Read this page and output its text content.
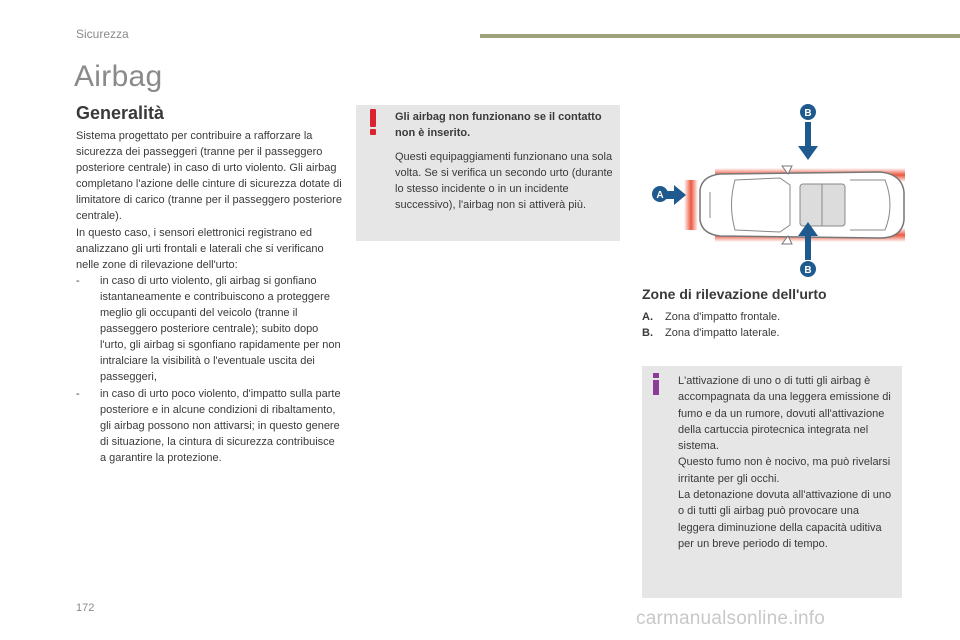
Sicurezza
Airbag
Generalità

Sistema progettato per contribuire a rafforzare la sicurezza dei passeggeri (tranne per il passeggero posteriore centrale) in caso di urto violento. Gli airbag completano l'azione delle cinture di sicurezza dotate di limitatore di carico (tranne per il passeggero posteriore centrale).

In questo caso, i sensori elettronici registrano ed analizzano gli urti frontali e laterali che si verificano nelle zone di rilevazione dell'urto:

-	in caso di urto violento, gli airbag si gonfiano istantaneamente e contribuiscono a proteggere meglio gli occupanti del veicolo (tranne il passeggero posteriore centrale); subito dopo l'urto, gli airbag si sgonfiano rapidamente per non intralciare la visibilità o l'eventuale uscita dei passeggeri,
-	in caso di urto poco violento, d'impatto sulla parte posteriore e in alcune condizioni di ribaltamento, gli airbag possono non attivarsi; in questo genere di situazione, la cintura di sicurezza contribuisce a garantire la protezione.
Gli airbag non funzionano se il contatto non è inserito.
Questi equipaggiamenti funzionano una sola volta. Se si verifica un secondo urto (durante lo stesso incidente o in un incidente successivo), l'airbag non si attiverà più.
B
B
A
Zone di rilevazione dell'urto
A.	Zona d'impatto frontale.
B.	Zona d'impatto laterale.
L'attivazione di uno o di tutti gli airbag è accompagnata da una leggera emissione di fumo e da un rumore, dovuti all'attivazione della cartuccia pirotecnica integrata nel sistema.
Questo fumo non è nocivo, ma può rivelarsi irritante per gli occhi.
La detonazione dovuta all'attivazione di uno o di tutti gli airbag può provocare una leggera diminuzione della capacità uditiva per un breve periodo di tempo.
172	carmanualsonline.info
